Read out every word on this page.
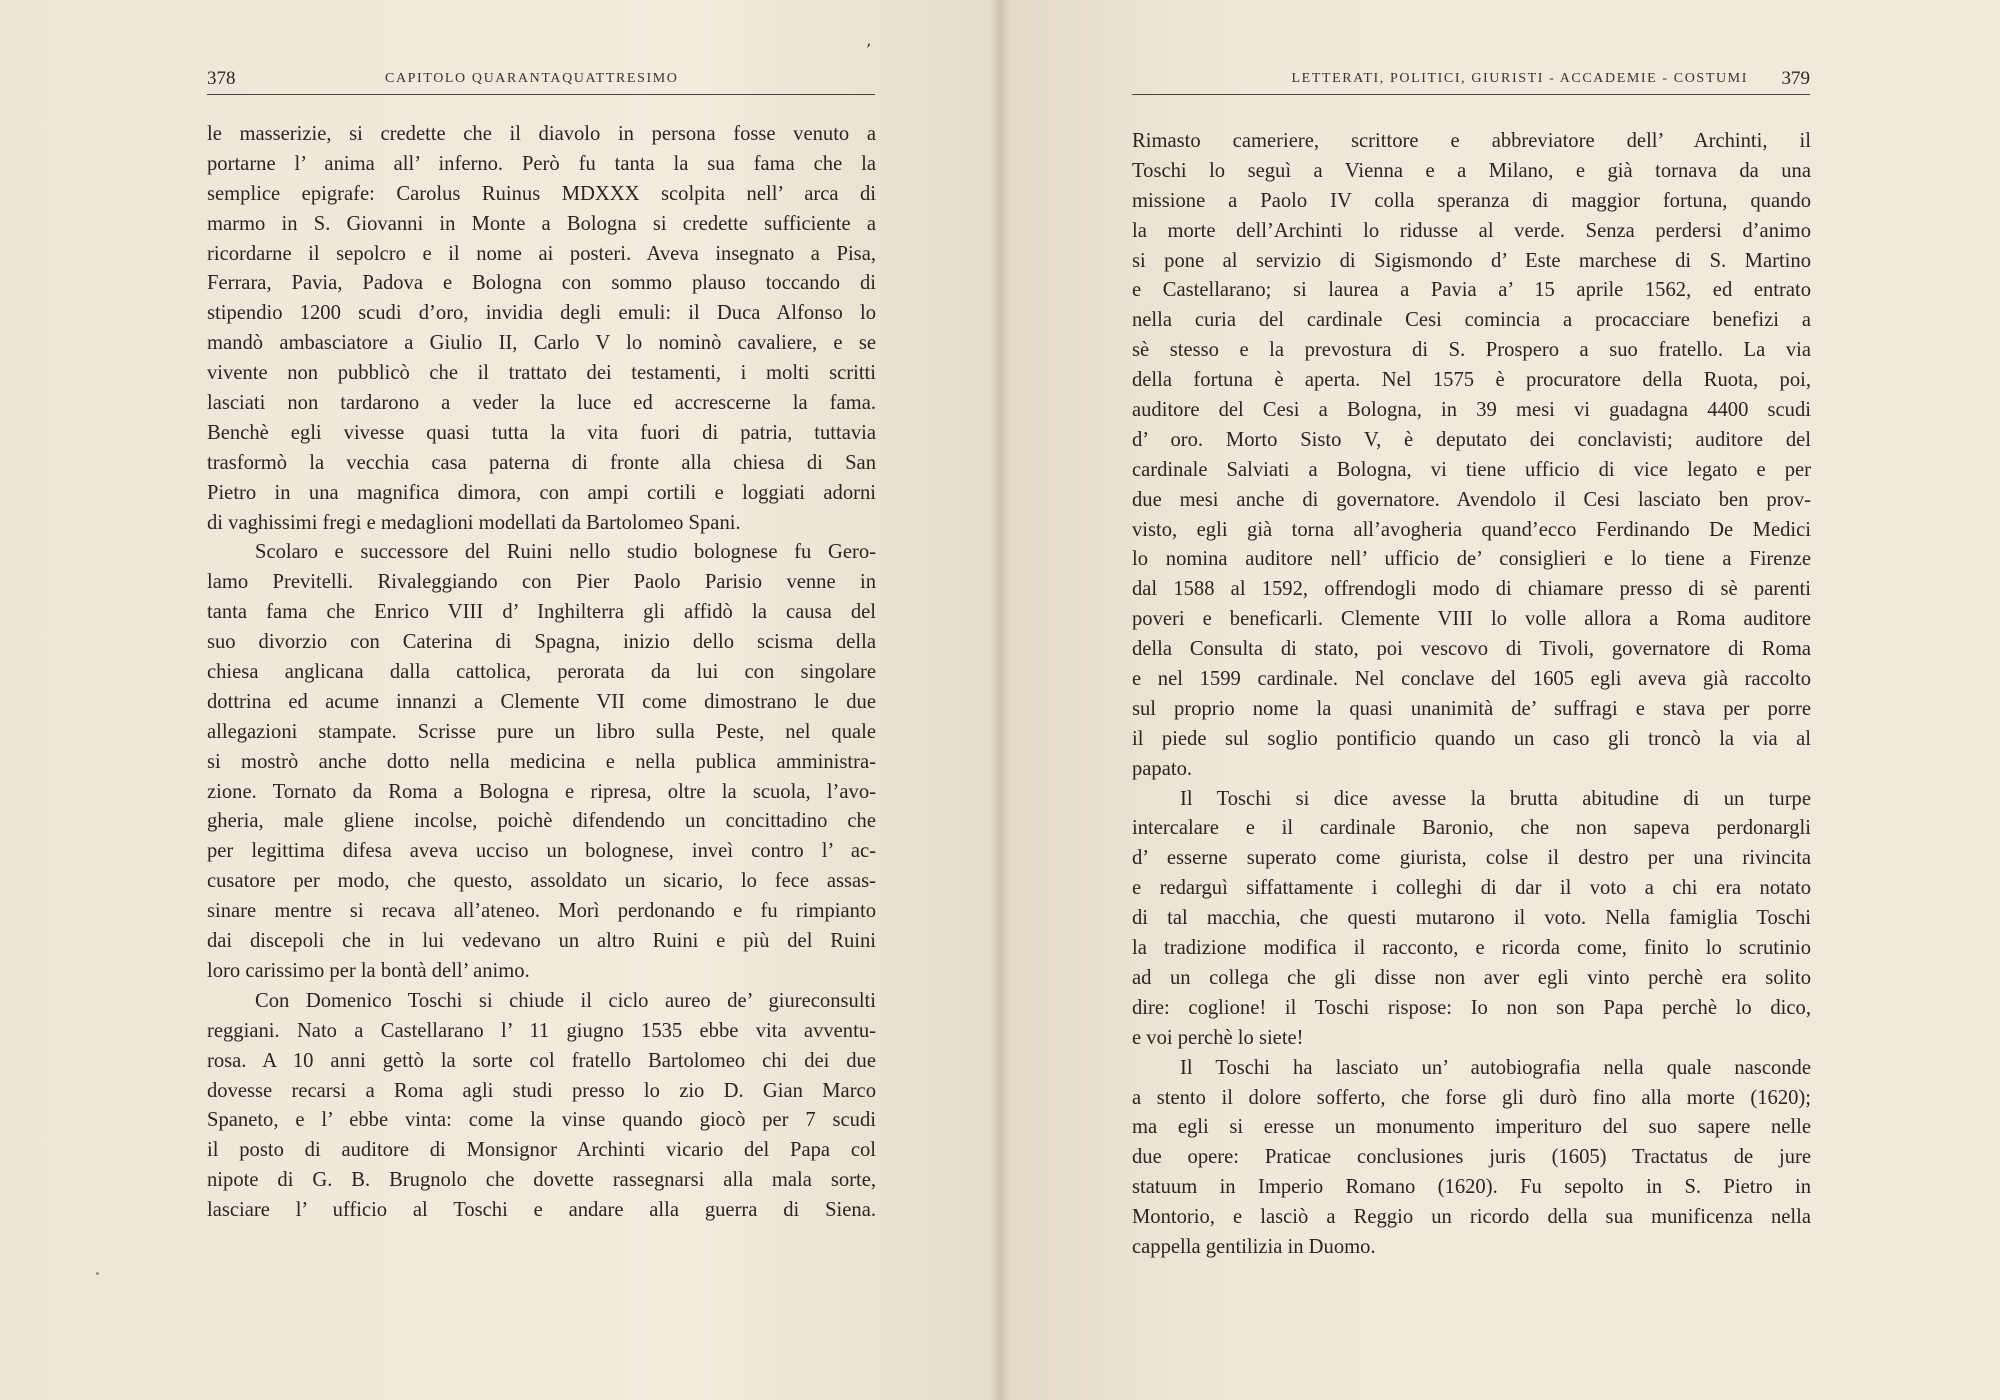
’
378	CAPITOLO QUARANTAQUATTRESIMO
le masserizie, si credette che il diavolo in persona fosse venuto a
portarne l’ anima all’ inferno. Però fu tanta la sua fama che la
semplice epigrafe: Carolus Ruinus MDXXX scolpita nell’ arca di
marmo in S. Giovanni in Monte a Bologna si credette sufficiente a
ricordarne il sepolcro e il nome ai posteri. Aveva insegnato a Pisa,
Ferrara, Pavia, Padova e Bologna con sommo plauso toccando di
stipendio 1200 scudi d’oro, invidia degli emuli: il Duca Alfonso lo
mandò ambasciatore a Giulio II, Carlo V lo nominò cavaliere, e se
vivente non pubblicò che il trattato dei testamenti, i molti scritti
lasciati non tardarono a veder la luce ed accrescerne la fama.
Benchè egli vivesse quasi tutta la vita fuori di patria, tuttavia
trasformò la vecchia casa paterna di fronte alla chiesa di San
Pietro in una magnifica dimora, con ampi cortili e loggiati adorni
di vaghissimi fregi e medaglioni modellati da Bartolomeo Spani.
Scolaro e successore del Ruini nello studio bolognese fu Gero-
lamo Previtelli. Rivaleggiando con Pier Paolo Parisio venne in
tanta fama che Enrico VIII d’ Inghilterra gli affidò la causa del
suo divorzio con Caterina di Spagna, inizio dello scisma della
chiesa anglicana dalla cattolica, perorata da lui con singolare
dottrina ed acume innanzi a Clemente VII come dimostrano le due
allegazioni stampate. Scrisse pure un libro sulla Peste, nel quale
si mostrò anche dotto nella medicina e nella publica amministra-
zione. Tornato da Roma a Bologna e ripresa, oltre la scuola, l’avo-
gheria, male gliene incolse, poichè difendendo un concittadino che
per legittima difesa aveva ucciso un bolognese, inveì contro l’ ac-
cusatore per modo, che questo, assoldato un sicario, lo fece assas-
sinare mentre si recava all’ateneo. Morì perdonando e fu rimpianto
dai discepoli che in lui vedevano un altro Ruini e più del Ruini
loro carissimo per la bontà dell’ animo.
Con Domenico Toschi si chiude il ciclo aureo de’ giureconsulti
reggiani. Nato a Castellarano l’ 11 giugno 1535 ebbe vita avventu-
rosa. A 10 anni gettò la sorte col fratello Bartolomeo chi dei due
dovesse recarsi a Roma agli studi presso lo zio D. Gian Marco
Spaneto, e l’ ebbe vinta: come la vinse quando giocò per 7 scudi
il posto di auditore di Monsignor Archinti vicario del Papa col
nipote di G. B. Brugnolo che dovette rassegnarsi alla mala sorte,
lasciare l’ ufficio al Toschi e andare alla guerra di Siena.
LETTERATI, POLITICI, GIURISTI - ACCADEMIE - COSTUMI 379
Rimasto cameriere, scrittore e abbreviatore dell’ Archinti, il
Toschi lo seguì a Vienna e a Milano, e già tornava da una
missione a Paolo IV colla speranza di maggior fortuna, quando
la morte dell’Archinti lo ridusse al verde. Senza perdersi d’animo
si pone al servizio di Sigismondo d’ Este marchese di S. Martino
e Castellarano; si laurea a Pavia a’ 15 aprile 1562, ed entrato
nella curia del cardinale Cesi comincia a procacciare benefizi a
sè stesso e la prevostura di S. Prospero a suo fratello. La via
della fortuna è aperta. Nel 1575 è procuratore della Ruota, poi,
auditore del Cesi a Bologna, in 39 mesi vi guadagna 4400 scudi
d’ oro. Morto Sisto V, è deputato dei conclavisti; auditore del
cardinale Salviati a Bologna, vi tiene ufficio di vice legato e per
due mesi anche di governatore. Avendolo il Cesi lasciato ben prov-
visto, egli già torna all’avogheria quand’ecco Ferdinando De Medici
lo nomina auditore nell’ ufficio de’ consiglieri e lo tiene a Firenze
dal 1588 al 1592, offrendogli modo di chiamare presso di sè parenti
poveri e beneficarli. Clemente VIII lo volle allora a Roma auditore
della Consulta di stato, poi vescovo di Tivoli, governatore di Roma
e nel 1599 cardinale. Nel conclave del 1605 egli aveva già raccolto
sul proprio nome la quasi unanimità de’ suffragi e stava per porre
il piede sul soglio pontificio quando un caso gli troncò la via al
papato.
Il Toschi si dice avesse la brutta abitudine di un turpe
intercalare e il cardinale Baronio, che non sapeva perdonargli
d’ esserne superato come giurista, colse il destro per una rivincita
e redarguì siffattamente i colleghi di dar il voto a chi era notato
di tal macchia, che questi mutarono il voto. Nella famiglia Toschi
la tradizione modifica il racconto, e ricorda come, finito lo scrutinio
ad un collega che gli disse non aver egli vinto perchè era solito
dire: coglione! il Toschi rispose: Io non son Papa perchè lo dico,
e voi perchè lo siete!
Il Toschi ha lasciato un’ autobiografia nella quale nasconde
a stento il dolore sofferto, che forse gli durò fino alla morte (1620);
ma egli si eresse un monumento imperituro del suo sapere nelle
due opere: Praticae conclusiones juris (1605) Tractatus de jure
statuum in Imperio Romano (1620). Fu sepolto in S. Pietro in
Montorio, e lasciò a Reggio un ricordo della sua munificenza nella
cappella gentilizia in Duomo.
